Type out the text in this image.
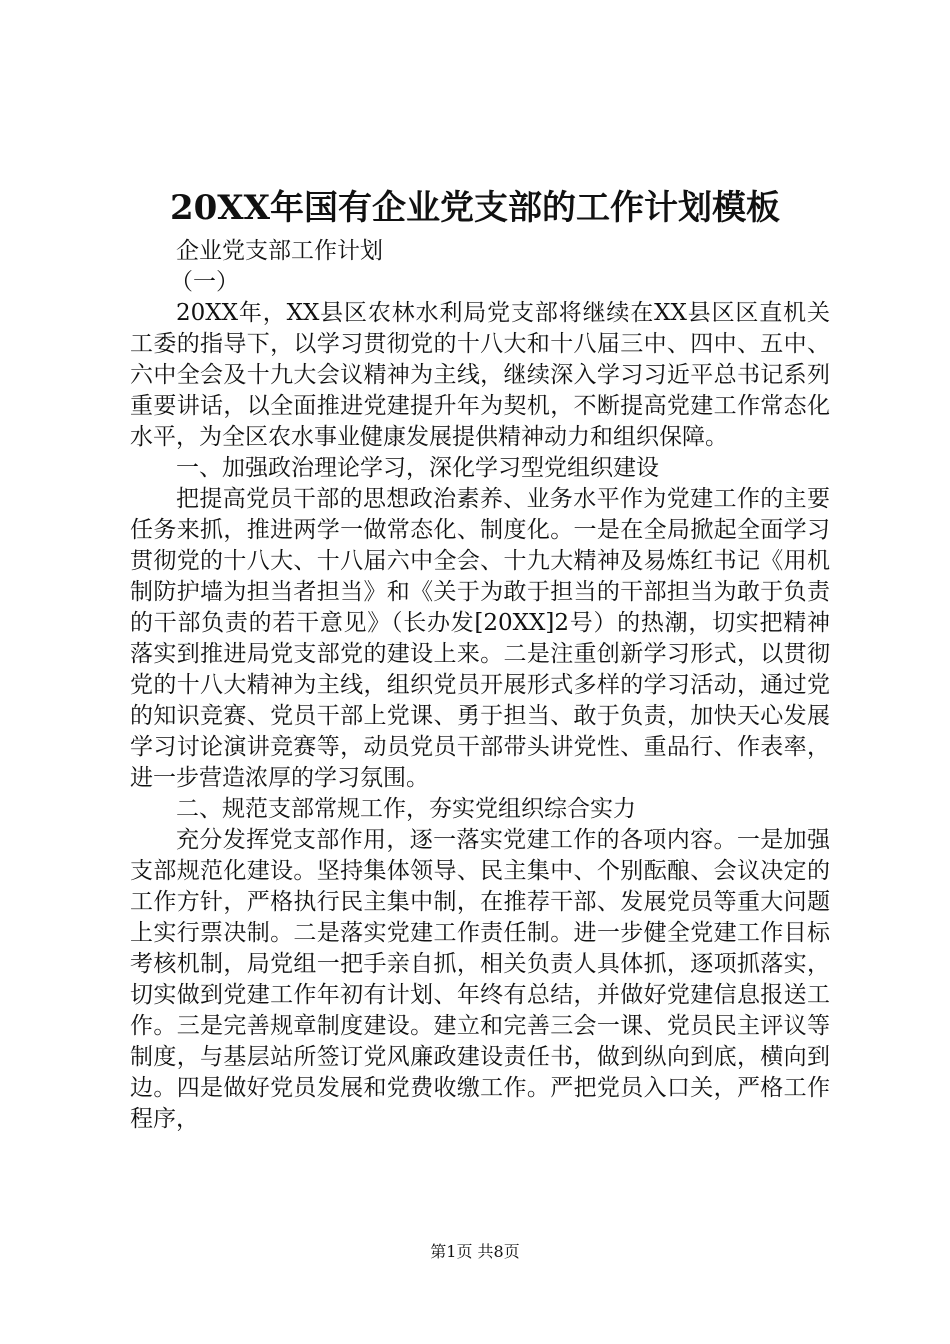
20XX年国有企业党支部的工作计划模板

企业党支部工作计划

（一）

20XX年，XX县区农林水利局党支部将继续在XX县区区直机关工委的指导下，以学习贯彻党的十八大和十八届三中、四中、五中、六中全会及十九大会议精神为主线，继续深入学习习近平总书记系列重要讲话，以全面推进党建提升年为契机，不断提高党建工作常态化水平，为全区农水事业健康发展提供精神动力和组织保障。

一、加强政治理论学习，深化学习型党组织建设

把提高党员干部的思想政治素养、业务水平作为党建工作的主要任务来抓，推进两学一做常态化、制度化。一是在全局掀起全面学习贯彻党的十八大、十八届六中全会、十九大精神及易炼红书记《用机制防护墙为担当者担当》和《关于为敢于担当的干部担当为敢于负责的干部负责的若干意见》（长办发[20XX]2号）的热潮，切实把精神落实到推进局党支部党的建设上来。二是注重创新学习形式，以贯彻党的十八大精神为主线，组织党员开展形式多样的学习活动，通过党的知识竞赛、党员干部上党课、勇于担当、敢于负责，加快天心发展学习讨论演讲竞赛等，动员党员干部带头讲党性、重品行、作表率，进一步营造浓厚的学习氛围。

二、规范支部常规工作，夯实党组织综合实力

充分发挥党支部作用，逐一落实党建工作的各项内容。一是加强支部规范化建设。坚持集体领导、民主集中、个别酝酿、会议决定的工作方针，严格执行民主集中制，在推荐干部、发展党员等重大问题上实行票决制。二是落实党建工作责任制。进一步健全党建工作目标考核机制，局党组一把手亲自抓，相关负责人具体抓，逐项抓落实，切实做到党建工作年初有计划、年终有总结，并做好党建信息报送工作。三是完善规章制度建设。建立和完善三会一课、党员民主评议等制度，与基层站所签订党风廉政建设责任书，做到纵向到底，横向到边。四是做好党员发展和党费收缴工作。严把党员入口关，严格工作程序，

第1页 共8页
